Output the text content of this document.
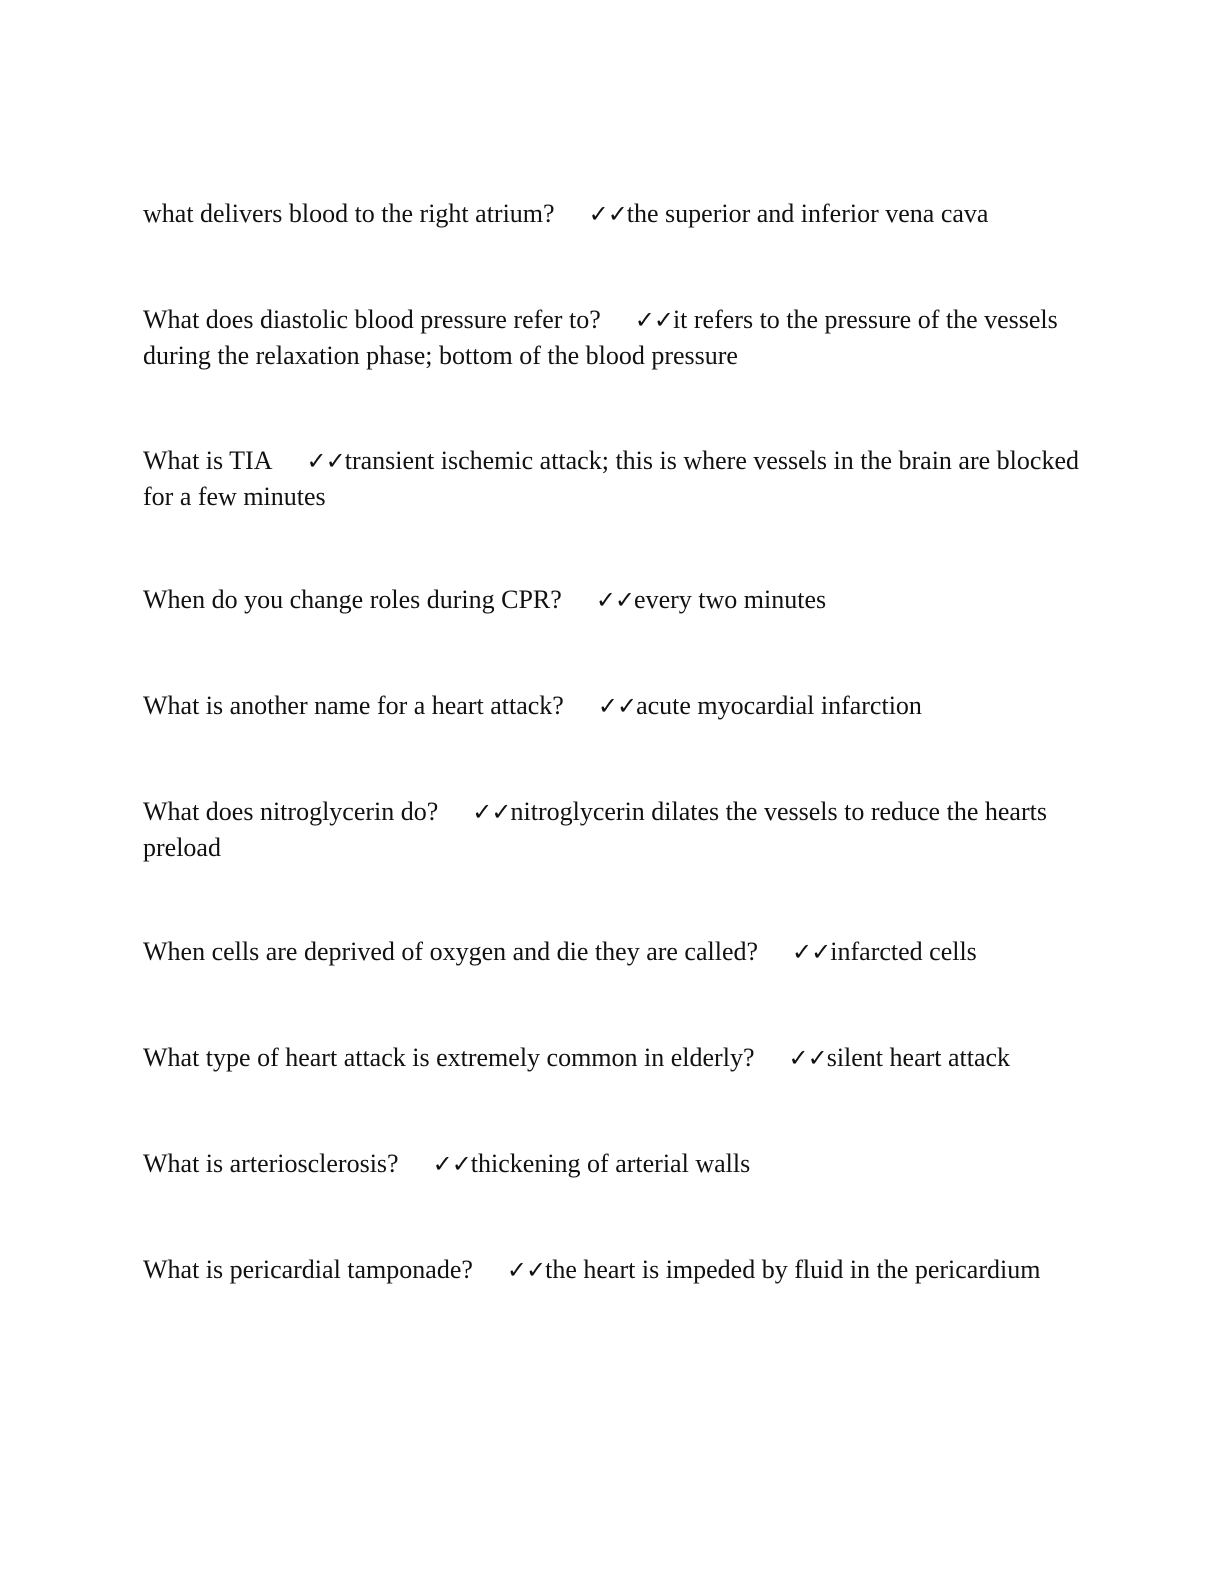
what delivers blood to the right atrium? ✓✓the superior and inferior vena cava

What does diastolic blood pressure refer to? ✓✓it refers to the pressure of the vessels during the relaxation phase; bottom of the blood pressure

What is TIA ✓✓transient ischemic attack; this is where vessels in the brain are blocked for a few minutes

When do you change roles during CPR? ✓✓every two minutes

What is another name for a heart attack? ✓✓acute myocardial infarction

What does nitroglycerin do? ✓✓nitroglycerin dilates the vessels to reduce the hearts preload

When cells are deprived of oxygen and die they are called? ✓✓infarcted cells

What type of heart attack is extremely common in elderly? ✓✓silent heart attack

What is arteriosclerosis? ✓✓thickening of arterial walls

What is pericardial tamponade? ✓✓the heart is impeded by fluid in the pericardium
